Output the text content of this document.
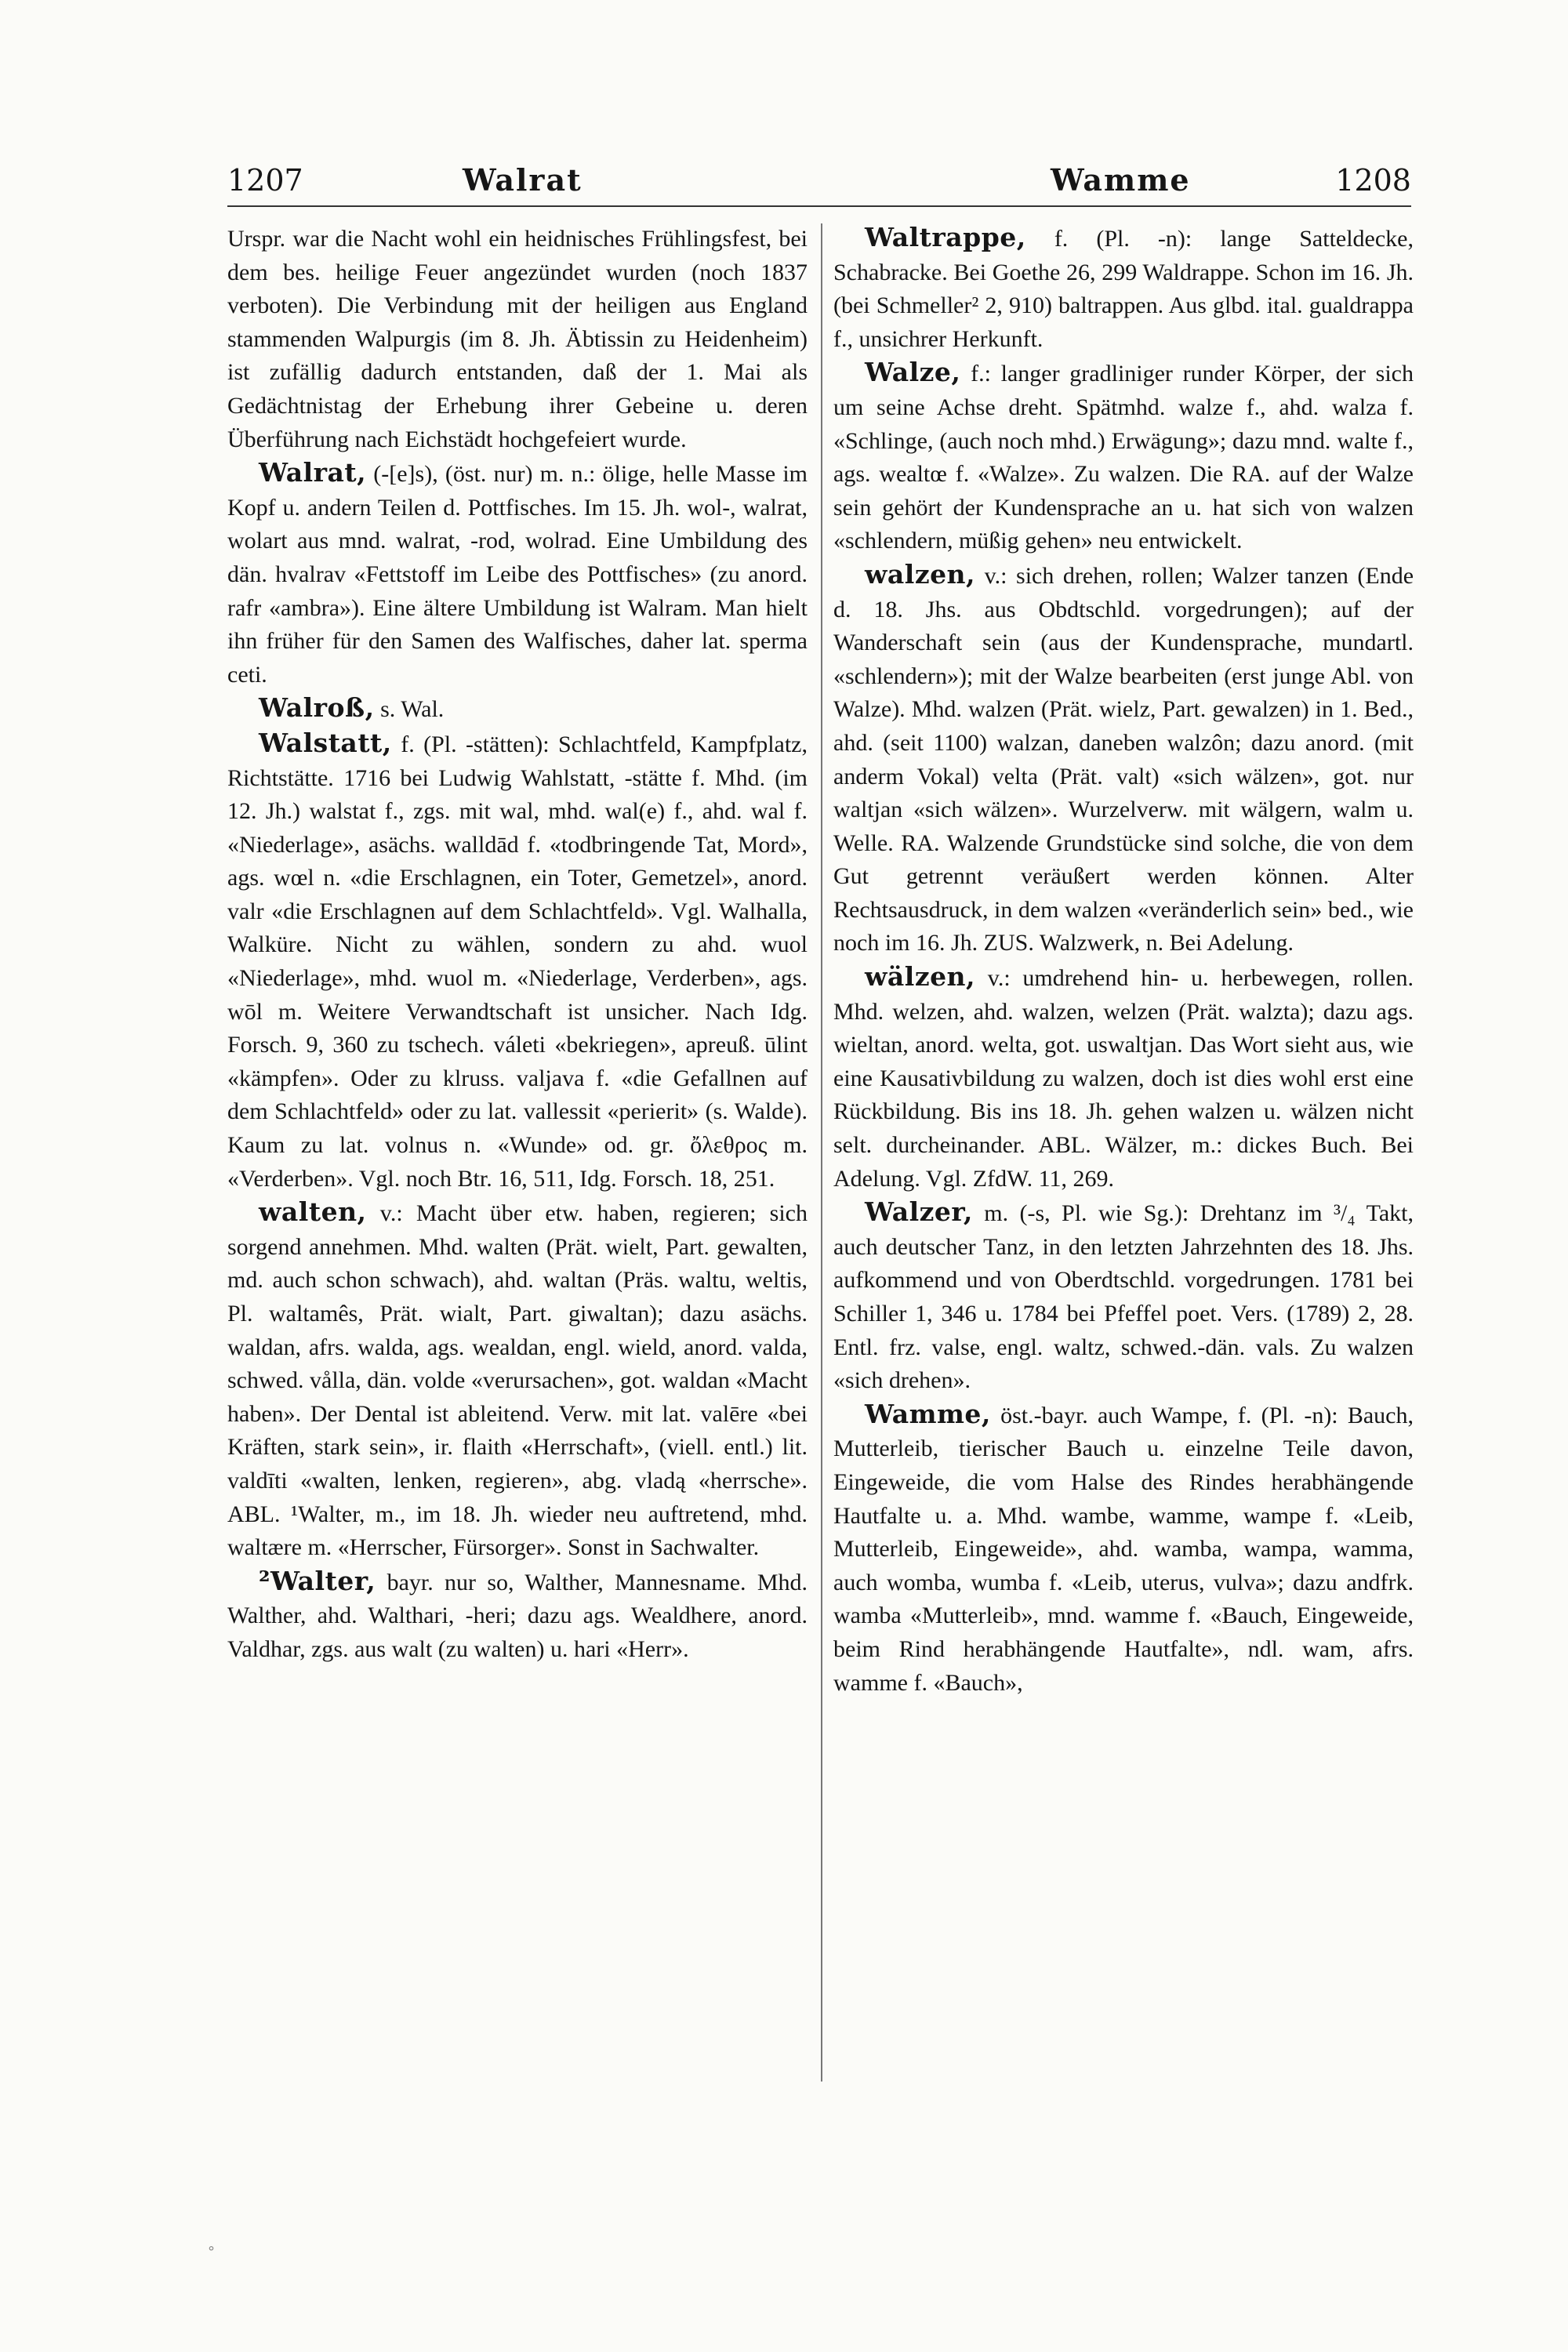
1207	Walrat	Wamme	1208

Urspr. war die Nacht wohl ein heidnisches Frühlingsfest, bei dem bes. heilige Feuer angezündet wurden (noch 1837 verboten). Die Verbindung mit der heiligen aus England stammenden Walpurgis (im 8. Jh. Äbtissin zu Heidenheim) ist zufällig dadurch entstanden, daß der 1. Mai als Gedächtnistag der Erhebung ihrer Gebeine u. deren Überführung nach Eichstädt hochgefeiert wurde.

Walrat, (-[e]s), (öst. nur) m. n.: ölige, helle Masse im Kopf u. andern Teilen d. Pottfisches. Im 15. Jh. wol-, walrat, wolart aus mnd. walrat, -rod, wolrad. Eine Umbildung des dän. hvalrav «Fettstoff im Leibe des Pottfisches» (zu anord. rafr «ambra»). Eine ältere Umbildung ist Walram. Man hielt ihn früher für den Samen des Walfisches, daher lat. sperma ceti.

Walroß, s. Wal.

Walstatt, f. (Pl. -stätten): Schlachtfeld, Kampfplatz, Richtstätte. 1716 bei Ludwig Wahlstatt, -stätte f. Mhd. (im 12. Jh.) walstat f., zgs. mit wal, mhd. wal(e) f., ahd. wal f. «Niederlage», asächs. walldād f. «todbringende Tat, Mord», ags. wœl n. «die Erschlagnen, ein Toter, Gemetzel», anord. valr «die Erschlagnen auf dem Schlachtfeld». Vgl. Walhalla, Walküre. Nicht zu wählen, sondern zu ahd. wuol «Niederlage», mhd. wuol m. «Niederlage, Verderben», ags. wōl m. Weitere Verwandtschaft ist unsicher. Nach Idg. Forsch. 9, 360 zu tschech. váleti «bekriegen», apreuß. ūlint «kämpfen». Oder zu klruss. valjava f. «die Gefallnen auf dem Schlachtfeld» oder zu lat. vallessit «perierit» (s. Walde). Kaum zu lat. volnus n. «Wunde» od. gr. ὄλεθρος m. «Verderben». Vgl. noch Btr. 16, 511, Idg. Forsch. 18, 251.

walten, v.: Macht über etw. haben, regieren; sich sorgend annehmen. Mhd. walten (Prät. wielt, Part. gewalten, md. auch schon schwach), ahd. waltan (Präs. waltu, weltis, Pl. waltamês, Prät. wialt, Part. giwaltan); dazu asächs. waldan, afrs. walda, ags. wealdan, engl. wield, anord. valda, schwed. vålla, dän. volde «verursachen», got. waldan «Macht haben». Der Dental ist ableitend. Verw. mit lat. valēre «bei Kräften, stark sein», ir. flaith «Herrschaft», (viell. entl.) lit. valdīti «walten, lenken, regieren», abg. vladą «herrsche». ABL. ¹Walter, m., im 18. Jh. wieder neu auftretend, mhd. waltære m. «Herrscher, Fürsorger». Sonst in Sachwalter.

²Walter, bayr. nur so, Walther, Mannesname. Mhd. Walther, ahd. Walthari, -heri; dazu ags. Wealdhere, anord. Valdhar, zgs. aus walt (zu walten) u. hari «Herr».

Waltrappe, f. (Pl. -n): lange Satteldecke, Schabracke. Bei Goethe 26, 299 Waldrappe. Schon im 16. Jh. (bei Schmeller² 2, 910) baltrappen. Aus glbd. ital. gualdrappa f., unsichrer Herkunft.

Walze, f.: langer gradliniger runder Körper, der sich um seine Achse dreht. Spätmhd. walze f., ahd. walza f. «Schlinge, (auch noch mhd.) Erwägung»; dazu mnd. walte f., ags. wealtœ f. «Walze». Zu walzen. Die RA. auf der Walze sein gehört der Kundensprache an u. hat sich von walzen «schlendern, müßig gehen» neu entwickelt.

walzen, v.: sich drehen, rollen; Walzer tanzen (Ende d. 18. Jhs. aus Obdtschld. vorgedrungen); auf der Wanderschaft sein (aus der Kundensprache, mundartl. «schlendern»); mit der Walze bearbeiten (erst junge Abl. von Walze). Mhd. walzen (Prät. wielz, Part. gewalzen) in 1. Bed., ahd. (seit 1100) walzan, daneben walzôn; dazu anord. (mit anderm Vokal) velta (Prät. valt) «sich wälzen», got. nur waltjan «sich wälzen». Wurzelverw. mit wälgern, walm u. Welle. RA. Walzende Grundstücke sind solche, die von dem Gut getrennt veräußert werden können. Alter Rechtsausdruck, in dem walzen «veränderlich sein» bed., wie noch im 16. Jh. ZUS. Walzwerk, n. Bei Adelung.

wälzen, v.: umdrehend hin- u. herbewegen, rollen. Mhd. welzen, ahd. walzen, welzen (Prät. walzta); dazu ags. wieltan, anord. welta, got. uswaltjan. Das Wort sieht aus, wie eine Kausativbildung zu walzen, doch ist dies wohl erst eine Rückbildung. Bis ins 18. Jh. gehen walzen u. wälzen nicht selt. durcheinander. ABL. Wälzer, m.: dickes Buch. Bei Adelung. Vgl. ZfdW. 11, 269.

Walzer, m. (-s, Pl. wie Sg.): Drehtanz im ³/₄ Takt, auch deutscher Tanz, in den letzten Jahrzehnten des 18. Jhs. aufkommend und von Oberdtschld. vorgedrungen. 1781 bei Schiller 1, 346 u. 1784 bei Pfeffel poet. Vers. (1789) 2, 28. Entl. frz. valse, engl. waltz, schwed.-dän. vals. Zu walzen «sich drehen».

Wamme, öst.-bayr. auch Wampe, f. (Pl. -n): Bauch, Mutterleib, tierischer Bauch u. einzelne Teile davon, Eingeweide, die vom Halse des Rindes herabhängende Hautfalte u. a. Mhd. wambe, wamme, wampe f. «Leib, Mutterleib, Eingeweide», ahd. wamba, wampa, wamma, auch womba, wumba f. «Leib, uterus, vulva»; dazu andfrk. wamba «Mutterleib», mnd. wamme f. «Bauch, Eingeweide, beim Rind herabhängende Hautfalte», ndl. wam, afrs. wamme f. «Bauch»,

°
